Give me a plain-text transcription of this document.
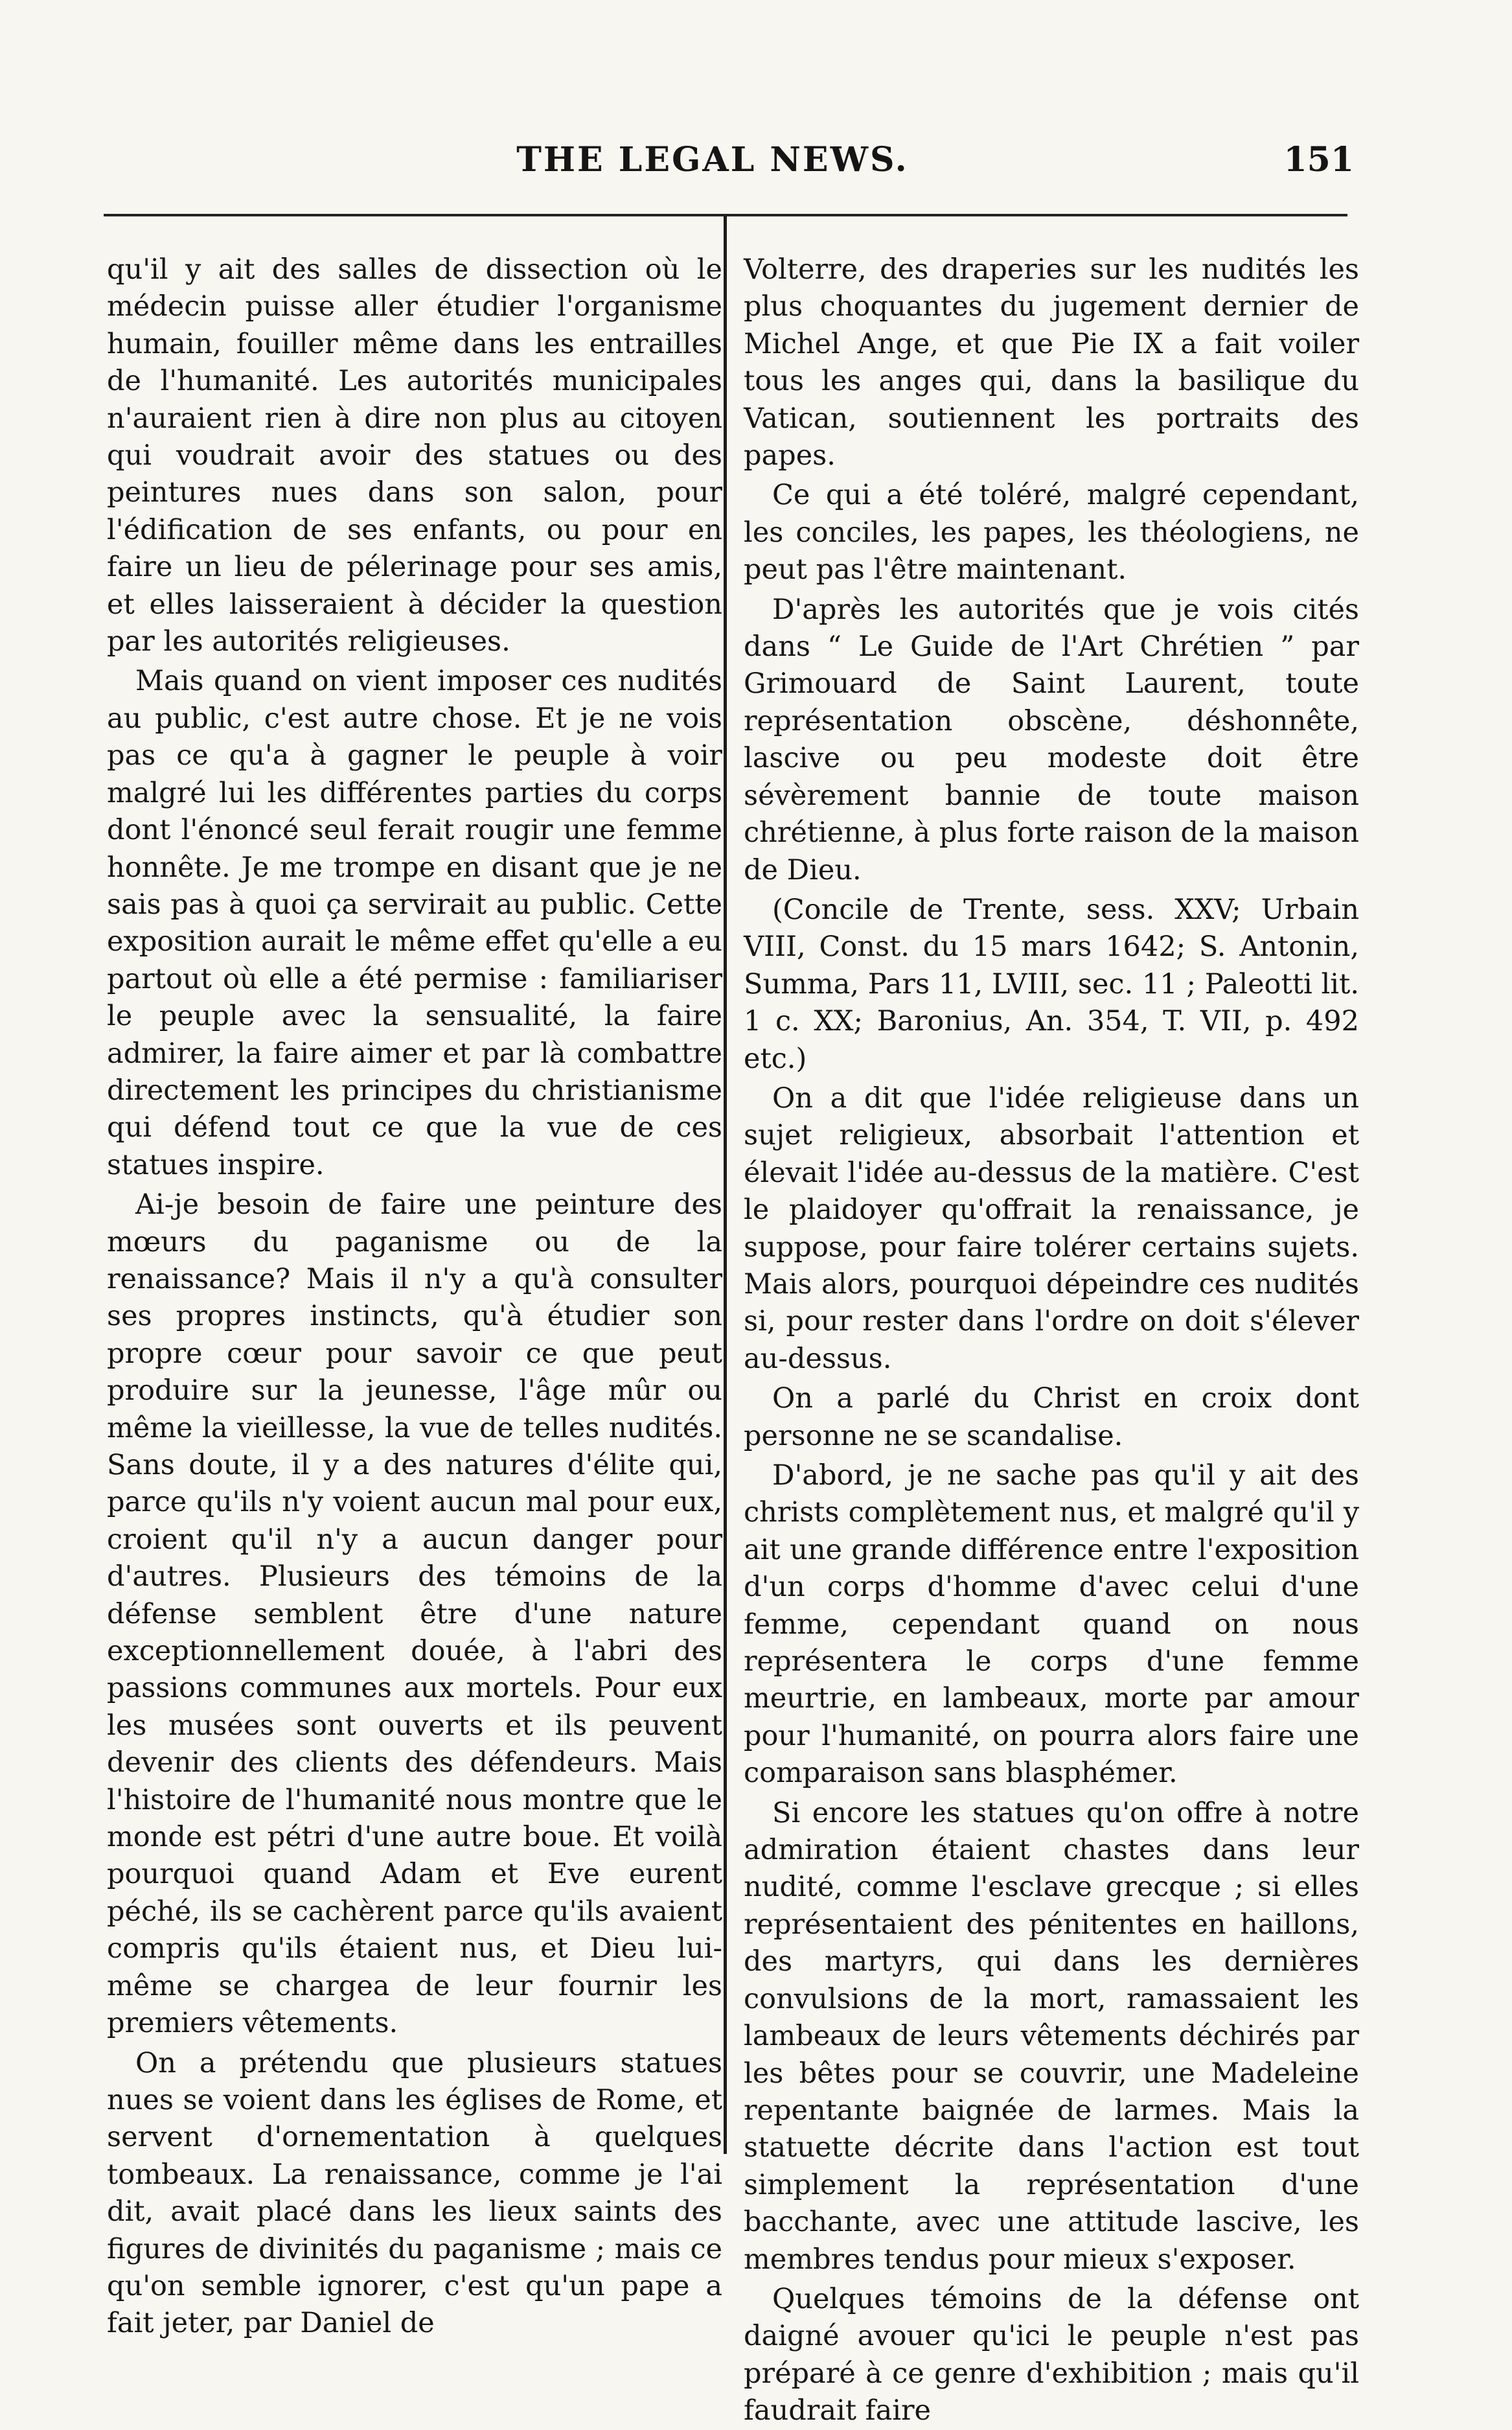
THE LEGAL NEWS.	151

qu'il y ait des salles de dissection où le médecin puisse aller étudier l'organisme humain, fouiller même dans les entrailles de l'humanité. Les autorités municipales n'auraient rien à dire non plus au citoyen qui voudrait avoir des statues ou des peintures nues dans son salon, pour l'édification de ses enfants, ou pour en faire un lieu de pélerinage pour ses amis, et elles laisseraient à décider la question par les autorités religieuses.

Mais quand on vient imposer ces nudités au public, c'est autre chose. Et je ne vois pas ce qu'a à gagner le peuple à voir malgré lui les différentes parties du corps dont l'énoncé seul ferait rougir une femme honnête. Je me trompe en disant que je ne sais pas à quoi ça servirait au public. Cette exposition aurait le même effet qu'elle a eu partout où elle a été permise : familiariser le peuple avec la sensualité, la faire admirer, la faire aimer et par là combattre directement les principes du christianisme qui défend tout ce que la vue de ces statues inspire.

Ai-je besoin de faire une peinture des mœurs du paganisme ou de la renaissance? Mais il n'y a qu'à consulter ses propres instincts, qu'à étudier son propre cœur pour savoir ce que peut produire sur la jeunesse, l'âge mûr ou même la vieillesse, la vue de telles nudités. Sans doute, il y a des natures d'élite qui, parce qu'ils n'y voient aucun mal pour eux, croient qu'il n'y a aucun danger pour d'autres. Plusieurs des témoins de la défense semblent être d'une nature exceptionnellement douée, à l'abri des passions communes aux mortels. Pour eux les musées sont ouverts et ils peuvent devenir des clients des défendeurs. Mais l'histoire de l'humanité nous montre que le monde est pétri d'une autre boue. Et voilà pourquoi quand Adam et Eve eurent péché, ils se cachèrent parce qu'ils avaient compris qu'ils étaient nus, et Dieu lui-même se chargea de leur fournir les premiers vêtements.

On a prétendu que plusieurs statues nues se voient dans les églises de Rome, et servent d'ornementation à quelques tombeaux. La renaissance, comme je l'ai dit, avait placé dans les lieux saints des figures de divinités du paganisme ; mais ce qu'on semble ignorer, c'est qu'un pape a fait jeter, par Daniel de

Volterre, des draperies sur les nudités les plus choquantes du jugement dernier de Michel Ange, et que Pie IX a fait voiler tous les anges qui, dans la basilique du Vatican, soutiennent les portraits des papes.

Ce qui a été toléré, malgré cependant, les conciles, les papes, les théologiens, ne peut pas l'être maintenant.

D'après les autorités que je vois cités dans “ Le Guide de l'Art Chrétien ” par Grimouard de Saint Laurent, toute représentation obscène, déshonnête, lascive ou peu modeste doit être sévèrement bannie de toute maison chrétienne, à plus forte raison de la maison de Dieu.

(Concile de Trente, sess. XXV; Urbain VIII, Const. du 15 mars 1642; S. Antonin, Summa, Pars 11, LVIII, sec. 11 ; Paleotti lit. 1 c. XX; Baronius, An. 354, T. VII, p. 492 etc.)

On a dit que l'idée religieuse dans un sujet religieux, absorbait l'attention et élevait l'idée au-dessus de la matière. C'est le plaidoyer qu'offrait la renaissance, je suppose, pour faire tolérer certains sujets. Mais alors, pourquoi dépeindre ces nudités si, pour rester dans l'ordre on doit s'élever au-dessus.

On a parlé du Christ en croix dont personne ne se scandalise.

D'abord, je ne sache pas qu'il y ait des christs complètement nus, et malgré qu'il y ait une grande différence entre l'exposition d'un corps d'homme d'avec celui d'une femme, cependant quand on nous représentera le corps d'une femme meurtrie, en lambeaux, morte par amour pour l'humanité, on pourra alors faire une comparaison sans blasphémer.

Si encore les statues qu'on offre à notre admiration étaient chastes dans leur nudité, comme l'esclave grecque ; si elles représentaient des pénitentes en haillons, des martyrs, qui dans les dernières convulsions de la mort, ramassaient les lambeaux de leurs vêtements déchirés par les bêtes pour se couvrir, une Madeleine repentante baignée de larmes. Mais la statuette décrite dans l'action est tout simplement la représentation d'une bacchante, avec une attitude lascive, les membres tendus pour mieux s'exposer.

Quelques témoins de la défense ont daigné avouer qu'ici le peuple n'est pas préparé à ce genre d'exhibition ; mais qu'il faudrait faire
